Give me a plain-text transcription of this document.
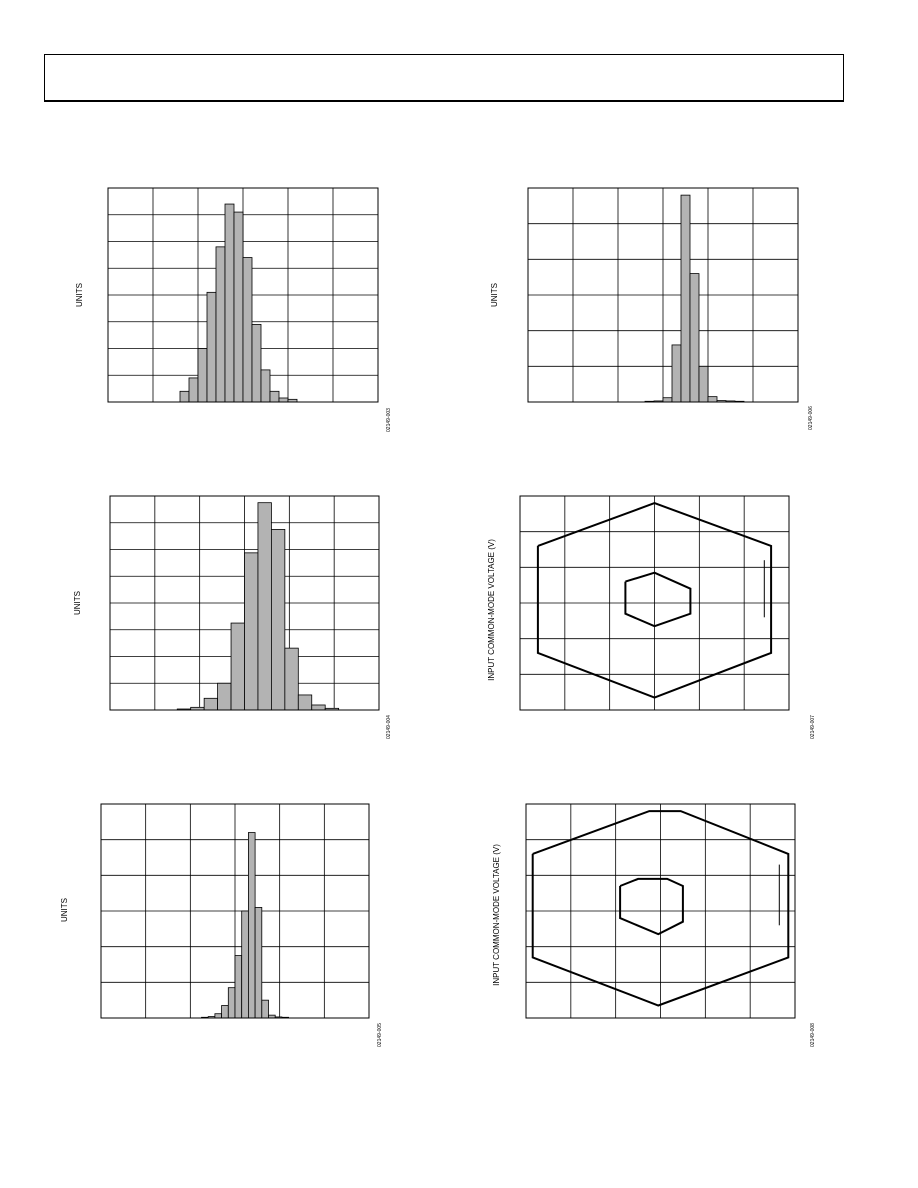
UNITS
02149-003
UNITS
02149-006
UNITS
02149-004
UNITS
02149-005
INPUT COMMON-MODE VOLTAGE (V)
02149-007
INPUT COMMON-MODE VOLTAGE (V)
02149-008
